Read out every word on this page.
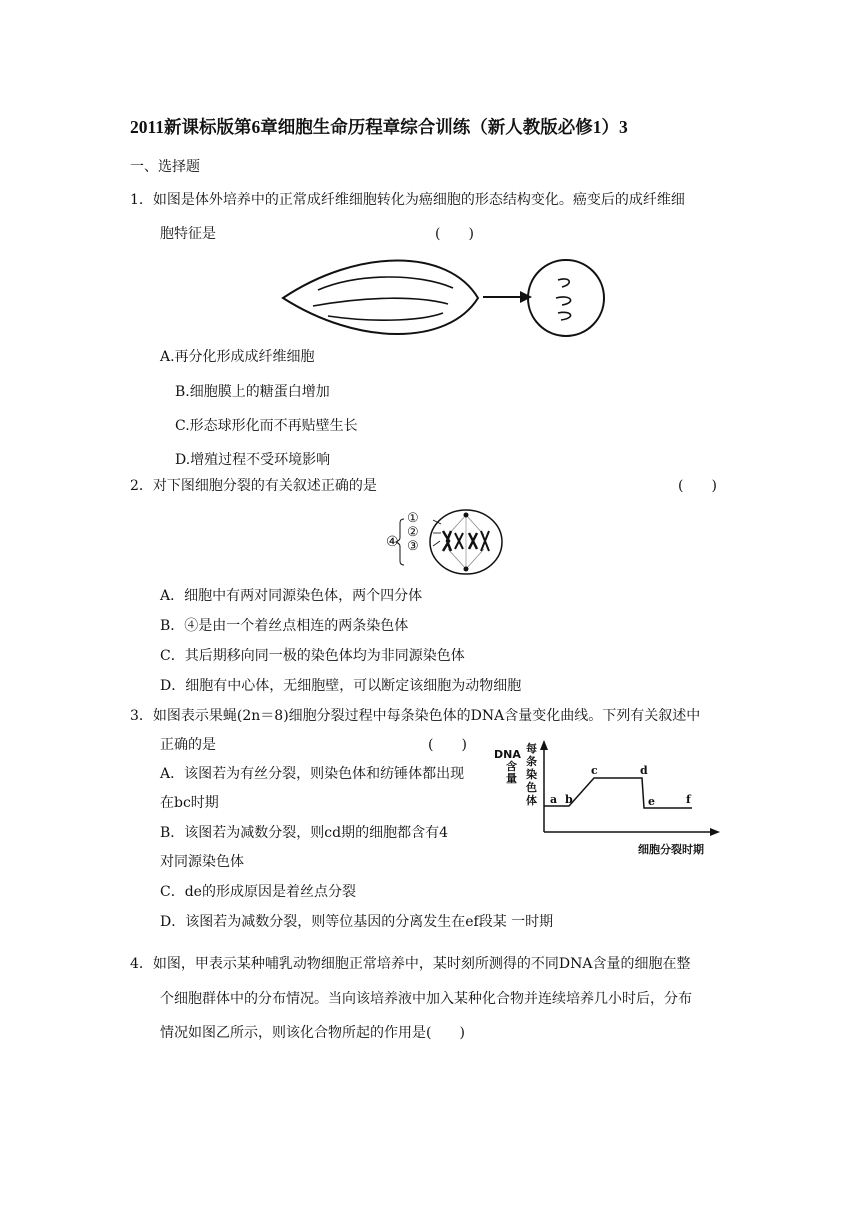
2011新课标版第6章细胞生命历程章综合训练（新人教版必修1）3
一、选择题
1．如图是体外培养中的正常成纤维细胞转化为癌细胞的形态结构变化。癌变后的成纤维细
胞特征是	(　　)
A.再分化形成成纤维细胞
B.细胞膜上的糖蛋白增加
C.形态球形化而不再贴壁生长
D.增殖过程不受环境影响
2．对下图细胞分裂的有关叙述正确的是	(　　)
④
①
②
③
A．细胞中有两对同源染色体，两个四分体
B．④是由一个着丝点相连的两条染色体
C．其后期移向同一极的染色体均为非同源染色体
D．细胞有中心体，无细胞壁，可以断定该细胞为动物细胞
3．如图表示果蝇(2n＝8)细胞分裂过程中每条染色体的DNA含量变化曲线。下列有关叙述中
正确的是	(　　)
A．该图若为有丝分裂，则染色体和纺锤体都出现
在bc时期
B．该图若为减数分裂，则cd期的细胞都含有4
对同源染色体
C．de的形成原因是着丝点分裂
D．该图若为减数分裂，则等位基因的分离发生在ef段某 一时期
DNA
含量
每条染色体
细胞分裂时期
a b
c	d
e	f
4．如图，甲表示某种哺乳动物细胞正常培养中，某时刻所测得的不同DNA含量的细胞在整
个细胞群体中的分布情况。当向该培养液中加入某种化合物并连续培养几小时后，分布
情况如图乙所示，则该化合物所起的作用是(　　)
